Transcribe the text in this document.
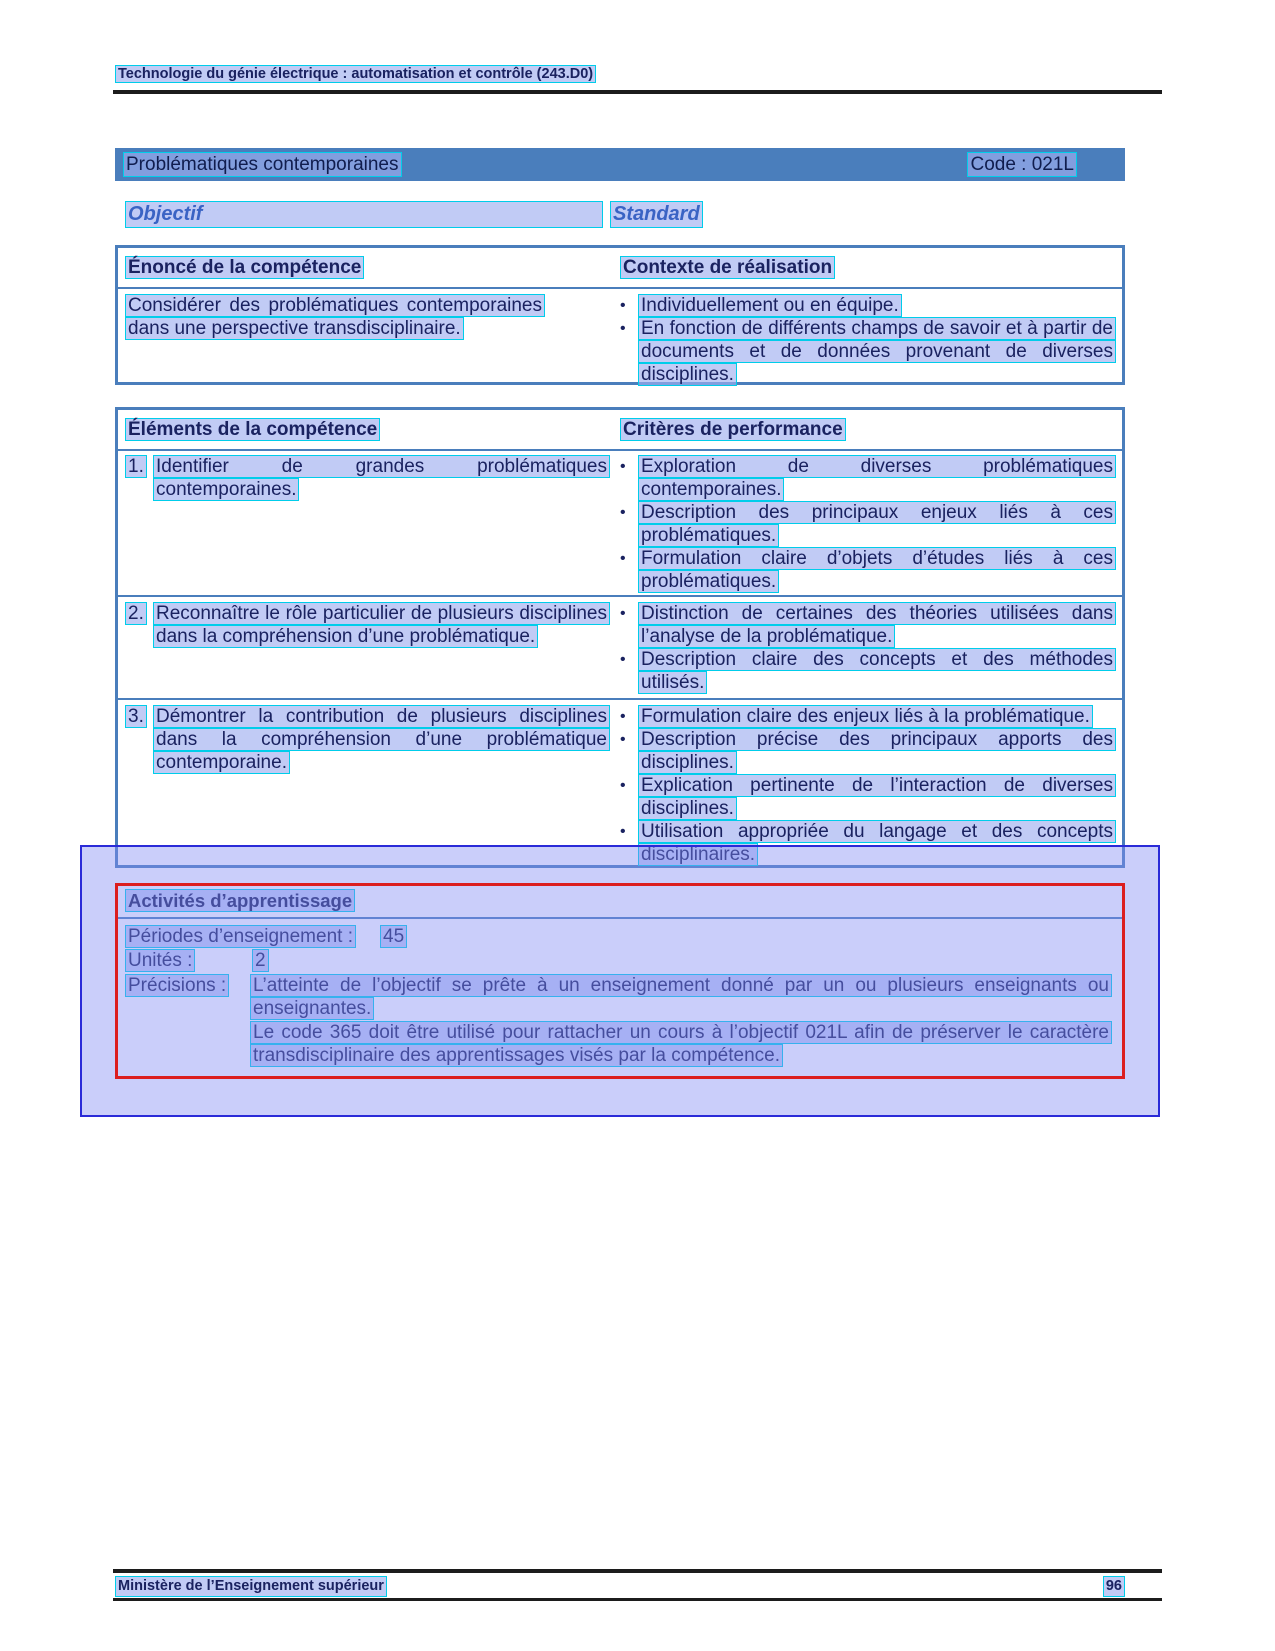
Technologie du génie électrique : automatisation et contrôle (243.D0)
Problématiques contemporaines	Code : 021L
Objectif	Standard
Énoncé de la compétence	Contexte de réalisation

Considérer des problématiques contemporaines dans une perspective transdisciplinaire.

• Individuellement ou en équipe.

• En fonction de différents champs de savoir et à partir de documents et de données provenant de diverses disciplines.

Éléments de la compétence	Critères de performance
1. Identifier de grandes problématiques contemporaines.

• Exploration de diverses problématiques contemporaines.

• Description des principaux enjeux liés à ces problématiques.

• Formulation claire d’objets d’études liés à ces problématiques.

2. Reconnaître le rôle particulier de plusieurs disciplines dans la compréhension d’une problématique.

• Distinction de certaines des théories utilisées dans l’analyse de la problématique.

• Description claire des concepts et des méthodes utilisés.

3. Démontrer la contribution de plusieurs disciplines dans la compréhension d’une problématique contemporaine.

• Formulation claire des enjeux liés à la problématique.

• Description précise des principaux apports des disciplines.

• Explication pertinente de l’interaction de diverses disciplines.

• Utilisation appropriée du langage et des concepts disciplinaires.

Activités d’apprentissage
Périodes d’enseignement : 45
Unités :	2
Précisions : L’atteinte de l’objectif se prête à un enseignement donné par un ou plusieurs enseignants ou enseignantes.

Le code 365 doit être utilisé pour rattacher un cours à l’objectif 021L afin de préserver le caractère transdisciplinaire des apprentissages visés par la compétence.

Ministère de l’Enseignement supérieur	96
